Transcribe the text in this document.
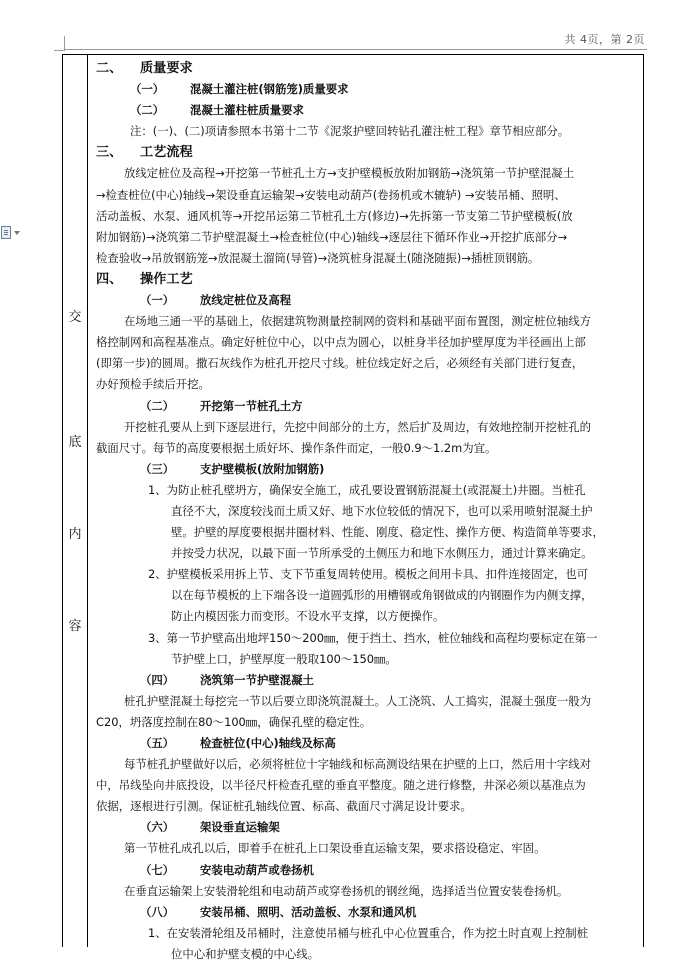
共 4页，第 2页
交
底
内
容

二、 质量要求

（一） 混凝土灌注桩(钢筋笼)质量要求

（二） 混凝土灌柱桩质量要求

注：(一)、(二)项请参照本书第十二节《泥浆护壁回转钻孔灌注桩工程》章节相应部分。

三、 工艺流程

放线定桩位及高程→开挖第一节桩孔土方→支护壁模板放附加钢筋→浇筑第一节护壁混凝土

→检查桩位(中心)轴线→架设垂直运输架→安装电动葫芦(卷扬机或木辘轳) →安装吊桶、照明、

活动盖板、水泵、通风机等→开挖吊运第二节桩孔土方(修边)→先拆第一节支第二节护壁模板(放

附加钢筋)→浇筑第二节护壁混凝土→检查桩位(中心)轴线→逐层往下循环作业→开挖扩底部分→

检查验收→吊放钢筋笼→放混凝土溜筒(导管)→浇筑桩身混凝土(随浇随振)→插桩顶钢筋。

四、 操作工艺

（一） 放线定桩位及高程

在场地三通一平的基础上，依据建筑物测量控制网的资料和基础平面布置图，测定桩位轴线方

格控制网和高程基准点。确定好桩位中心，以中点为圆心，以桩身半径加护壁厚度为半径画出上部

(即第一步)的圆周。撒石灰线作为桩孔开挖尺寸线。桩位线定好之后，必须经有关部门进行复查，

办好预检手续后开挖。

（二） 开挖第一节桩孔土方

开挖桩孔要从上到下逐层进行，先挖中间部分的土方，然后扩及周边，有效地控制开挖桩孔的

截面尺寸。每节的高度要根据土质好坏、操作条件而定，一般0.9～1.2m为宜。

（三） 支护壁模板(放附加钢筋)

1、为防止桩孔壁坍方，确保安全施工，成孔要设置钢筋混凝土(或混凝土)井圈。当桩孔

直径不大，深度较浅而土质又好、地下水位较低的情况下，也可以采用喷射混凝土护

壁。护壁的厚度要根据井圈材料、性能、刚度、稳定性、操作方便、构造简单等要求，

并按受力状况，以最下面一节所承受的土侧压力和地下水侧压力，通过计算来确定。

2、护壁模板采用拆上节、支下节重复周转使用。模板之间用卡具、扣件连接固定，也可

以在每节模板的上下端各设一道圆弧形的用槽钢或角钢做成的内钢圈作为内侧支撑，

防止内模因张力而变形。不设水平支撑，以方便操作。

3、第一节护壁高出地坪150～200㎜，便于挡土、挡水，桩位轴线和高程均要标定在第一

节护壁上口，护壁厚度一般取100～150㎜。

（四） 浇筑第一节护壁混凝土

桩孔护壁混凝土每挖完一节以后要立即浇筑混凝土。人工浇筑、人工捣实，混凝土强度一般为

C20，坍落度控制在80～100㎜，确保孔壁的稳定性。

（五） 检查桩位(中心)轴线及标高

每节桩孔护壁做好以后，必须将桩位十字轴线和标高测设结果在护壁的上口，然后用十字线对

中，吊线坠向井底投设，以半径尺杆检查孔壁的垂直平整度。随之进行修整，井深必须以基准点为

依据，逐根进行引测。保证桩孔轴线位置、标高、截面尺寸满足设计要求。

（六） 架设垂直运输架

第一节桩孔成孔以后，即着手在桩孔上口架设垂直运输支架，要求搭设稳定、牢固。

（七） 安装电动葫芦或卷扬机

在垂直运输架上安装滑轮组和电动葫芦或穿卷扬机的钢丝绳，选择适当位置安装卷扬机。

（八） 安装吊桶、照明、活动盖板、水泵和通风机

1、在安装滑轮组及吊桶时，注意使吊桶与桩孔中心位置重合，作为挖土时直观上控制桩

位中心和护壁支模的中心线。
